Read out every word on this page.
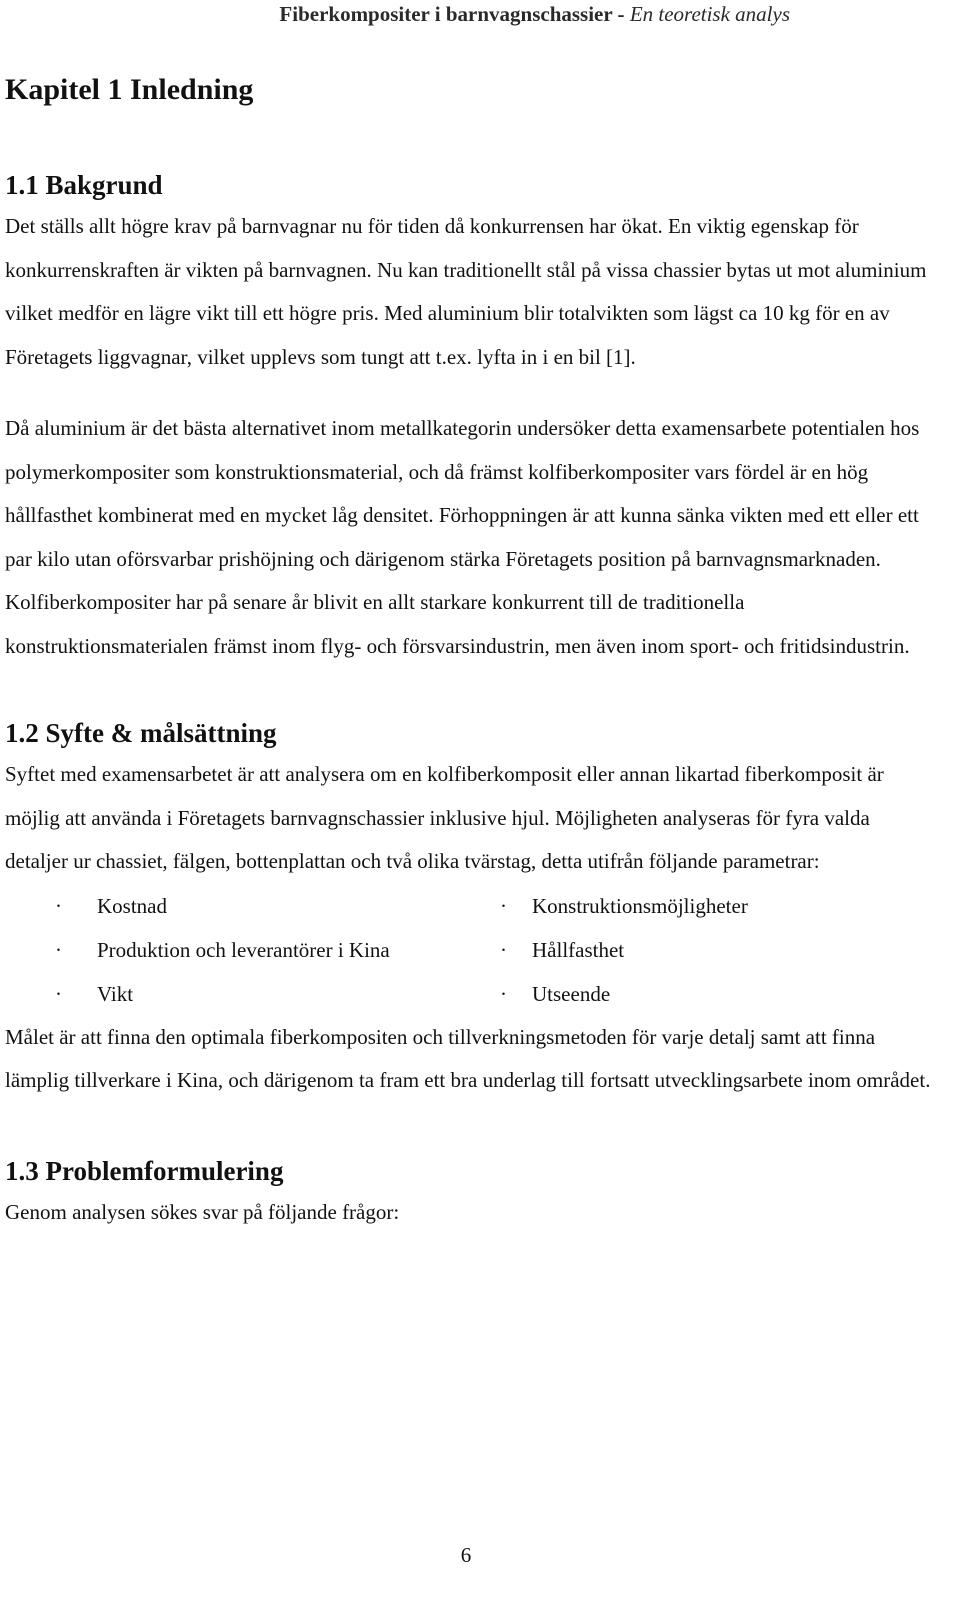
Fiberkompositer i barnvagnschassier - En teoretisk analys
Kapitel 1 Inledning
1.1 Bakgrund

Det ställs allt högre krav på barnvagnar nu för tiden då konkurrensen har ökat. En viktig egenskap för konkurrenskraften är vikten på barnvagnen. Nu kan traditionellt stål på vissa chassier bytas ut mot aluminium vilket medför en lägre vikt till ett högre pris. Med aluminium blir totalvikten som lägst ca 10 kg för en av Företagets liggvagnar, vilket upplevs som tungt att t.ex. lyfta in i en bil [1].

Då aluminium är det bästa alternativet inom metallkategorin undersöker detta examensarbete potentialen hos polymerkompositer som konstruktionsmaterial, och då främst kolfiberkompositer vars fördel är en hög hållfasthet kombinerat med en mycket låg densitet. Förhoppningen är att kunna sänka vikten med ett eller ett par kilo utan oförsvarbar prishöjning och därigenom stärka Företagets position på barnvagnsmarknaden. Kolfiberkompositer har på senare år blivit en allt starkare konkurrent till de traditionella konstruktionsmaterialen främst inom flyg- och försvarsindustrin, men även inom sport- och fritidsindustrin.

1.2 Syfte & målsättning

Syftet med examensarbetet är att analysera om en kolfiberkomposit eller annan likartad fiberkomposit är möjlig att använda i Företagets barnvagnschassier inklusive hjul. Möjligheten analyseras för fyra valda detaljer ur chassiet, fälgen, bottenplattan och två olika tvärstag, detta utifrån följande parametrar:

· Kostnad	· Konstruktionsmöjligheter
· Produktion och leverantörer i Kina	· Hållfasthet
· Vikt	· Utseende

Målet är att finna den optimala fiberkompositen och tillverkningsmetoden för varje detalj samt att finna lämplig tillverkare i Kina, och därigenom ta fram ett bra underlag till fortsatt utvecklingsarbete inom området.

1.3 Problemformulering

Genom analysen sökes svar på följande frågor:

6
